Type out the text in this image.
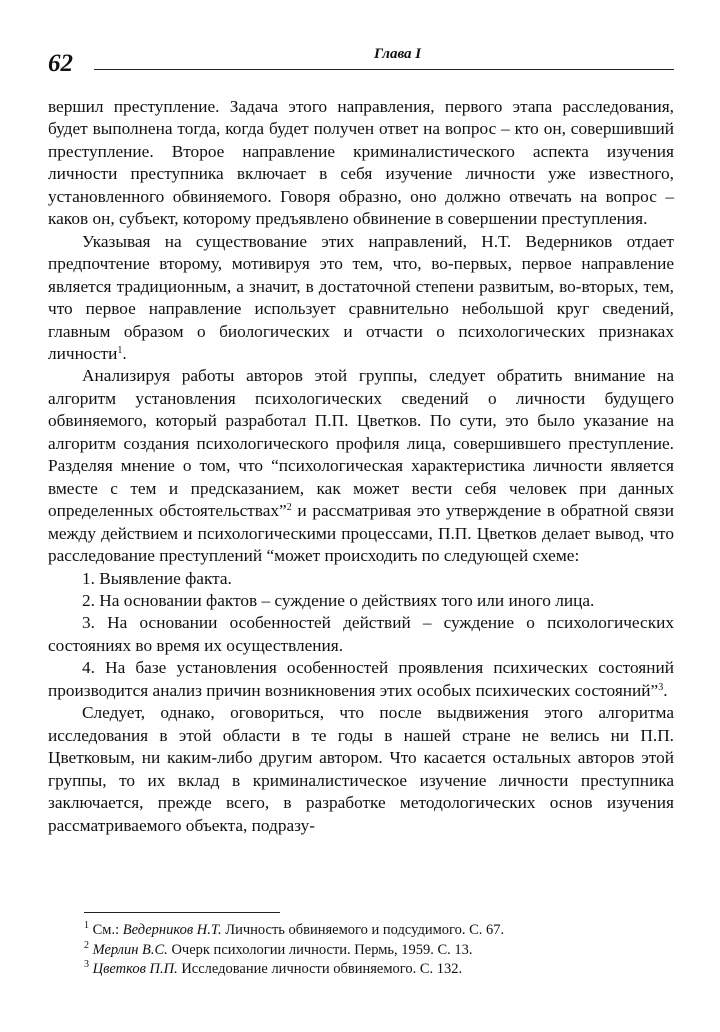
62	Глава I

вершил преступление. Задача этого направления, первого этапа расследования, будет выполнена тогда, когда будет получен ответ на вопрос – кто он, совершивший преступление. Второе направление криминалистического аспекта изучения личности преступника включает в себя изучение личности уже известного, установленного обвиняемого. Говоря образно, оно должно отвечать на вопрос – каков он, субъект, которому предъявлено обвинение в совершении преступления.

Указывая на существование этих направлений, Н.Т. Ведерников отдает предпочтение второму, мотивируя это тем, что, во-первых, первое направление является традиционным, а значит, в достаточной степени развитым, во-вторых, тем, что первое направление использует сравнительно небольшой круг сведений, главным образом о биологических и отчасти о психологических признаках личности$^1$.

Анализируя работы авторов этой группы, следует обратить внимание на алгоритм установления психологических сведений о личности будущего обвиняемого, который разработал П.П. Цветков. По сути, это было указание на алгоритм создания психологического профиля лица, совершившего преступление. Разделяя мнение о том, что “психологическая характеристика личности является вместе с тем и предсказанием, как может вести себя человек при данных определенных обстоятельствах”$^2$ и рассматривая это утверждение в обратной связи между действием и психологическими процессами, П.П. Цветков делает вывод, что расследование преступлений “может происходить по следующей схеме:

1. Выявление факта.

2. На основании фактов – суждение о действиях того или иного лица.

3. На основании особенностей действий – суждение о психологических состояниях во время их осуществления.

4. На базе установления особенностей проявления психических состояний производится анализ причин возникновения этих особых психических состояний”$^3$.

Следует, однако, оговориться, что после выдвижения этого алгоритма исследования в этой области в те годы в нашей стране не велись ни П.П. Цветковым, ни каким-либо другим автором. Что касается остальных авторов этой группы, то их вклад в криминалистическое изучение личности преступника заключается, прежде всего, в разработке методологических основ изучения рассматриваемого объекта, подразу-

$^1$ См.: Ведерников Н.Т. Личность обвиняемого и подсудимого. С. 67.

$^2$ Мерлин В.С. Очерк психологии личности. Пермь, 1959. С. 13.

$^3$ Цветков П.П. Исследование личности обвиняемого. С. 132.
